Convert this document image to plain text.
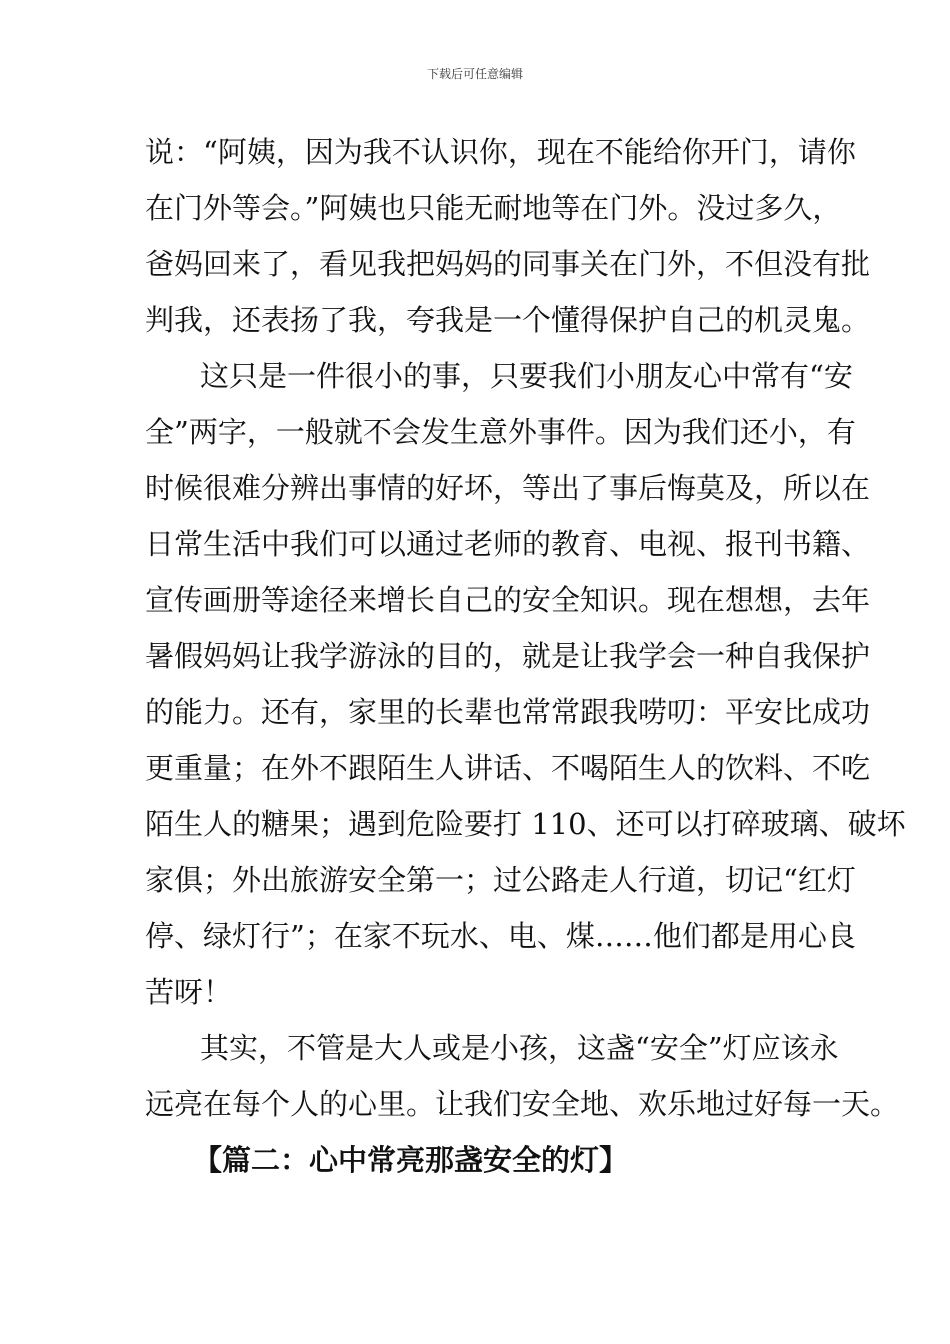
下载后可任意编辑
说：“阿姨，因为我不认识你，现在不能给你开门，请你
在门外等会。”阿姨也只能无耐地等在门外。没过多久，
爸妈回来了，看见我把妈妈的同事关在门外，不但没有批
判我，还表扬了我，夸我是一个懂得保护自己的机灵鬼。
这只是一件很小的事，只要我们小朋友心中常有“安
全”两字，一般就不会发生意外事件。因为我们还小，有
时候很难分辨出事情的好坏，等出了事后悔莫及，所以在
日常生活中我们可以通过老师的教育、电视、报刊书籍、
宣传画册等途径来增长自己的安全知识。现在想想，去年
暑假妈妈让我学游泳的目的，就是让我学会一种自我保护
的能力。还有，家里的长辈也常常跟我唠叨：平安比成功
更重量；在外不跟陌生人讲话、不喝陌生人的饮料、不吃
陌生人的糖果；遇到危险要打 110、还可以打碎玻璃、破坏
家俱；外出旅游安全第一；过公路走人行道，切记“红灯
停、绿灯行”；在家不玩水、电、煤……他们都是用心良
苦呀！
其实，不管是大人或是小孩，这盏“安全”灯应该永
远亮在每个人的心里。让我们安全地、欢乐地过好每一天。
【篇二：心中常亮那盏安全的灯】
